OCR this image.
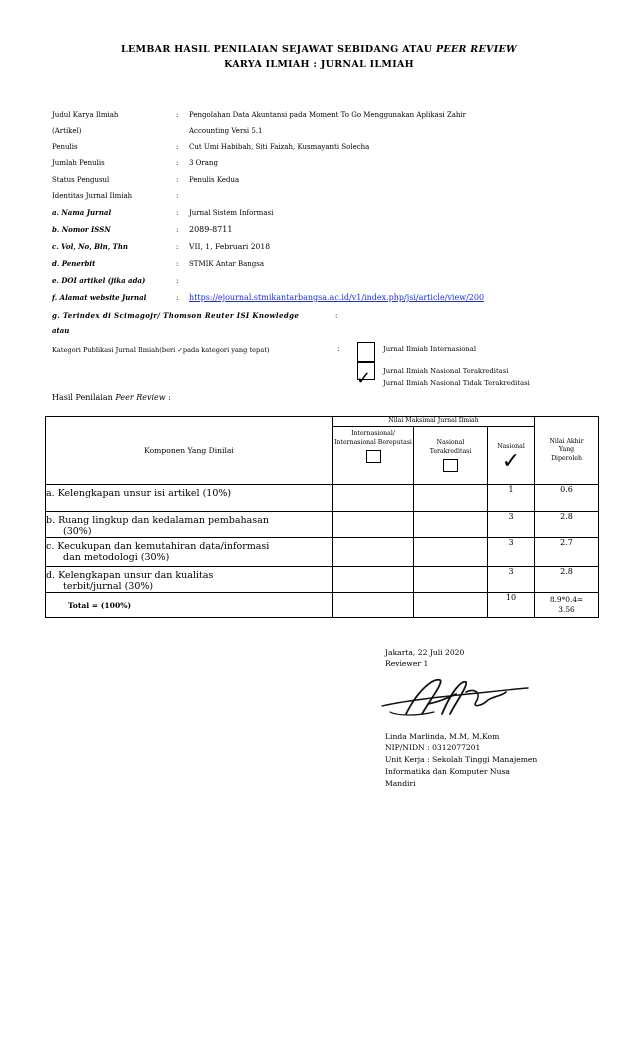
LEMBAR HASIL PENILAIAN SEJAWAT SEBIDANG ATAU PEER REVIEW
KARYA ILMIAH : JURNAL ILMIAH
Judul Karya Ilmiah	: Pengolahan Data Akuntansi pada Moment To Go Menggunakan Aplikasi Zahir
(Artikel)	Accounting Versi 5.1
Penulis	: Cut Umi Habibah, Siti Faizah, Kusmayanti Solecha
Jumlah Penulis	: 3 Orang
Status Pengusul	: Penulis Kedua
Identitas Jurnal Ilmiah	:
a. Nama Jurnal	: Jurnal Sistem Informasi
b. Nomor ISSN	: 2089-8711
c. Vol, No, Bln, Thn	: VII, 1, Februari 2018
d. Penerbit	: STMIK Antar Bangsa
e. DOI artikel (jika ada)	:
f. Alamat website Jurnal	: https://ejournal.stmikantarbangsa.ac.id/v1/index.php/jsi/article/view/200
g. Terindex di Scimagojr/ Thomson Reuter ISI Knowledge	:
atau
Kategori Publikasi Jurnal Ilmiah(beri ✓pada kategori yang tepat)	:
✓
Jurnal Ilmiah Internasional
Jurnal Ilmiah Nasional Terakreditasi
Jurnal Ilmiah Nasional Tidak Terakreditasi
Hasil Penilaian Peer Review :
Komponen Yang Dinilai	Nilai Maksimal Jurnal Ilmiah			Nilai Akhir Yang Diperoleh

	Internasional/ Internasional Bereputasi	Nasional Terakreditasi	Nasional
✓	

a. Kelengkapan unsur isi artikel (10%)			1	0.6

b. Ruang lingkup dan kedalaman pembahasan
(30%)			3	2.8

c. Kecukupan dan kemutahiran data/informasi
dan metodologi (30%)			3	2.7

d. Kelengkapan unsur dan kualitas
terbit/jurnal (30%)			3	2.8
Total = (100%)			10	8.9*0.4=
3.56
Jakarta, 22 Juli 2020
Reviewer 1
Linda Marlinda, M.M, M.Kom
NIP/NIDN : 0312077201
Unit Kerja : Sekolah Tinggi Manajemen
Informatika dan Komputer Nusa
Mandiri
